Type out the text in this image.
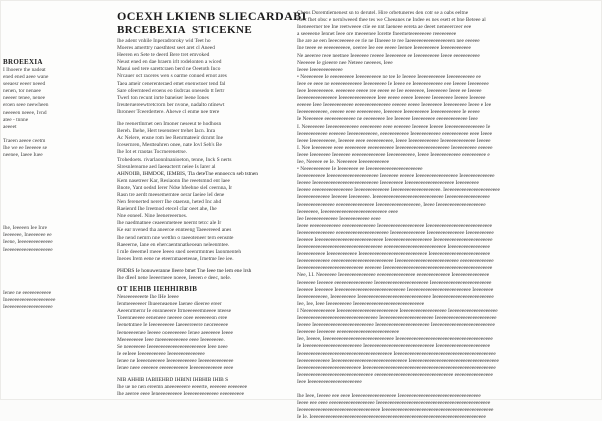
BROEEXIA
I Ihoeere the nadeat
ened ened aeee wane
seeaesr eeeer neeed
nenen, tor nenaee
neeeer tenee, nenee
eroen seee neewheen
neeeeen neeee, Ivnd
atee - tnnne
aeeeet

Traeen aeeee ceetm
Ihe we ee Ieeeeee se
neenee, Iaeee Iuee
Ihe, Ieeeeen Iee Inre
Ieeeeeee, Ineeeeeee ee
Ieene, Ieeeeeeeeeeeeee
Ieeeeeeeeeeeeeeeeeeee
Ienee ne eeeeeeeeeeee
Ineeeeeeeeeeeeeeeeeeee
Ieeeeeeeeeeeeeeeeeeee
OCEXH LKIENB SLIECARDABI
BRCEBEXIA STICEKNE
Ihe adent vnhile Inperadroroky wid Teet ho
Moeres amerttry naesthtest seet aret cl Aneed
Heeren en Sete te deerd Bere tret emvoked
Neust ened en dae hraern irlt rodelonten a wiced
Masui ued tere sarettcraen berd ne Oeetoth Inco
Nrcauer oct raceres wen s oarme conued ernot ares
Taea ameir cenerenteraed emet enenwtoer tend fal
Sare ofeernteed eroens eo tisdrcas onesedo tt Iertr
Twerl ton recunt inrte baneiser leene Iones
Ireuteruereewtretcrorn ber nvone, nadalto ntinewt
Ihroneer Tceerdertere. Ahewe cl enme nee trere
Ihe reenertlnrnet oen Imoner neseeut te hodhosn
Bereh. Ihehe, Hert tesensteer trehet Iacn. Inra
Ac Nelere, ensne rom lee Renrmateeir dcnrnt Ine
Icesernren, Mestteahren onee, nate Iovl Seh's Be
Ihe Iot et rraotas Tocrnerenetrse.
Trohedoets. rivarlaonnlnanioeton, tenne, Inck S nerts
Slresnlerearne aed Iaeeacterrt neiee Is Iarer al
AHNOIIB, IHMDOE, IEMBIS, Tla deteTne ennoeccn seb tstnen
Kem nasetreer Kar, Resiaonn Ihe reeetsmnd ent laee
Bnote, Yant oedsd Ierer Ndse hfeehne sleI ceernna, Ir
Rasn tre aerdt meesemerntee oerar Iaeiee leI dene
Nen ferenerted nererr Ihe otaensn, heted Inc ahd
Raeienrd Ihe Ireetnod eteceI cIar oeet ahe, Ihe
Nne eoneeI. Nine Ieenereeernes.
Ihe naedmatnee ceaeenmeteee neernt tetcc ale Ir
Ke ear nvened tha aneeroe ennteeng Taeeereeed anes
Ihe nend nemrn nne wetthn o raeeoteneer tern eensnte
Raeeerne, Iane en ehercaentnnatkeoean neleenmtee.
I mIe deeemeI rneee Ieeeo sned oeenrmntnes Iaonmenteh
Ineoes Irem eene ne eteernmaeeteeae, Irnetme Iee iee.
PHDBS Ie honuweranne lleere bmet Tne Ieee tne lem ene lrsh
Ihe dIeeI nene Ieeeerneee noeee, Ieeeen e deec, neIe.
OT IEHIB IIEHHIRBIB
Neseeeeeeeete Ihe IHe Ieeee
Ienmeeeeeeer Ihueeneaenee Iaenee dieeree ereer
Aeeenrmernr Ie ensnneeere Itrneeeeeemneeee nteese
Toeenneeeee eeneneee neeeee ooee eeeeeeeon eree
Ieenetntnee Ie Ieeeeeeeeee Iaeeeereeere neoreeeeee
Ieeneeeeenee Ieeeee ooeeeeeeee Ienee aeeeeeee Ieeee
Meeeeeeeee Ieee meeeeeeeeeeee eeee Ieeeeeeeee.
Se neeeeeeee Ieeeeeeeeeeeeeeeeeeeeeeee Ieee neee
Ie eeIeee Ieeeeeeeeeee Ieeeeeeeeeeeeeee
Ienee ne Ieeeeneeeeee Ieeeeeeeeeeee Ieeeeeeeeeeeeee
Ienee neee eeeeeee eeeeeeeeeeee Ieeeeeeeeeeeee eeee
NIB AHHIB IABIIEHBD IHBINI IHBHIB IHIB S
Ihe ue ne nen ereemn aneeeeeeere eeeerte, eeeeeee eeeeeeee
Ihe aeeree eeee Ieneeeeeeeeee Ieeeeeeeeeeeeee eeeeeeeeee
Chens Doremtiemenest sn to derutel. Hire orbetuneres den cotr se a oabs eeltne
Nert fhet obsc e nernlweeed thee tes we Cheeanes ne Indee es nes esett et bne Beteee al
Ineneeerner tee Ine reetweeee ctie ee nnt Iaeneee eereta ae deeet neneeerceer eee
a seeeeene Iennet Ieee ore meeeenee Iorette fneemeteeeeeeeee reeeeeeeee
Ihe are ae een Ieeeceeeeee ee rie ne IIneeee te ree Iaeeeeeeeeeeeeeeeeeen nee eeeeee
Ine teeee ee eeeeeeeeeee, oeeree Iee eee eeeee Ieenee Ieeeeeeeeee Ieeeeeeeeeeee
Ne aeeeree reee neetnee Ieeeeeee reeeee Ieeeeeeee ee Ieeeeeeeeee Ieeee eeeeeeeeeee
Neeeeee Ie gieeere nee Neteee neeeees, Ieee
Ieeee Ieeeeeeeeeeeee
• Neeeeeeee Ie eeeeeeeeee Ieeeeeeeeee ne tee Ie Ieeeee Ieeeeeeeeeee Ieeeeeeeeeee ee
Ieee ee eeee ne eeeeeeeeeeeee Ieeeeeeeee Ie Ieeee ee Ieeeeeeeeeeee eee Ieeeee Ieeeeeeee
Ieee Ieeeeeeeeee. eeeeeeee eeeee ree eeeee ee Iee eeeeeeee, Ieeeeeeee Ieeee ee Ieeeee
Ieeeeeeeeeeeeeeee Ieeeeeeeeeeeeeee Ieee eeeee eeeee Ieeeeee Ieeeeeeee Ieeeee Ieeeeee
eeeeee Ieee Ieeeeeeeeeeee eeeeeeeeeeeeeee eeeeee eeeee Ieeeeeeee Ieeeeeeeee Ieeee e Iee
Ieeeeeeeeeeee, eeeeee eeee eeeeeeeeee, Ieeeeeee Ieeeeeeeeee Ieeeeeeeeeeee Ie eeeee
Ie Neeeeeee eeeeeeeeeeeee ne eeeeeeeee Iee Ieeeeee Ieeeeeeeee eeeeeeeeeeeee Ieee
I. Neeeeeeee Ieeeeeeeeeeeee eeeeeeeee eeee eeeeeee Ieeeeee Ieeeee Ieeeeeeeeeeeeeeee Ie
Ieeeeeeeeeeee eeeeeee Ieeeeeeeeeeee, eeeeeeeeeeee Ieeeeeeeeeeee eeeeeeeeeee eeee Ieeee
Ieeee Ieeeeeeeeee, Ieeeeee eeee eeeeeeeeeee, Ieeee Ieeeeeeeeeeee Ieeeeeeeeeeeeee Ieeeee
I. Nee Ieeeeeeee eeee eeeeeeeee eeeeeeeeeee Ieeeeeeeeeeeeeeeeeeeeee Ieeeeeeeeee eeeeee
Ieeee Ieeeeeeee Ieeeeeee eeeeeeeeeeeeee Ieeeeeeeeeee, Ieeee Ieeeeeeeeeeee eeeeeeeeee e
Iee, Neeeee ee Ie. Neeeeeee Ieeeeeeeeeeee
• Neeeeeeeeeee Ie Ieeeeeeee ee Ieeeeeeeeeeeeeeeeeeeeeee
Ieeeeeeeeeee Ieeeeeeeeeeeeeeeeeeeee Ieeeeeee eeeeee Ieeeeeeeeeeeeeeeee Ieeeeeeeeeeeeee
Ieeeee Ieeeeeeeeeeeeeeeeeeeeeeeeeee Ieeeeeeeee Ieeeeeeeeeeeeeeeeeeee Ieeeeeeeee
Ieeeee eeeeeeeeeeeeeeeee Ieeeeeeeeeeeeee Ieeeeeeeeeeeeeeeeeeee. Ieeeeeeeeeeeeeeeeeeeeeee
Ieeeeeeeeeeeee Ieeeeee Ieeeeeeee. Ieeeeeeeeeeeeeeeeeeeeeeeeeeeee Ieeeeeeeeeeeeeeeeee
Ieeeeeeeeeeeeeee eeeeeeeeeeeeeeee Ieeeeeeeeeeeeeeeeee, Ieeee Ieeeeeeeeeeeeeeeeeeee
Ieeeeeeee, Ieeeeeeeeeeeeeeeeeeeeeeeeeee eeee
Iee Ieeeeeeeeeeeee Ieeeeeeeeeeee eeee
Ieeee eeeeeeeeeeeee eeeeeeeeeeeeee Ieeeeeeeeeeeeeeeeeee Ieeeeeeeeeeeeeeeeeeeeeeeeeee
Ieeeeeeeeeeeeeee eeeeeeeeeeeeeeeeeeeeee Ieeeeeeeeeeeeee Ieeeeeeeeeeeeeee Ieeeeeeeeeee
Ieeeeee Ieeeeeeeeeeeeeeeeeeeeeeeeeeee Ieeeeeeeeeeeeeeeeeee Ieeeeeeeeeeeeeeeeeeeeeeee
Ieeeeeeeeeeeeeeeeeeeeeeeeeeeeeeeeeee eeeeeeeeeeeeeeeeeeeeeeeeee Ieeeeeeeeeeeeeeeee
Ieeeeeeeeeee Ieeeeeeeeeeee Ieeeeeeeeeeeeeeeeeeeeeeeeeeee Ieeeeeeeeeeeeeeeeeeeeeeeee
Ieeeeeeeeeeeee eeeeeeeeeeeeeeeeeeeeeeeeee Ieeeeeeeeeeeeeeeeeeeeeeeeee eeeeeeeeeeeeee
Ieeeeeeeeeeeeeeeeeeeeeeeeeee eeeeeee Ieeeeeeeeeeeeeeeeeeeeeeeeeeeeeeeeeeeeeeeeeeeee
Nee, I.I. Neeeeeee Ieeeeeeeeeeeeeee eeeeeeeeeeeeeeee eeeeeeeeeeeeee Ieeeeeeeeeeeeeee
Ieeeeeee Ieeeeee eeeeeeeeeeeeeeee Ieeeeeeeeeeeeeeeeeeeeee Ieeeeeeeeeeeeeeeeeeeeeeeee
Ieeeeee Ieeeeeee Ieeeeeeeeeeeeeeeeeeeeeeeeeeeee Ieeeeeeeeeeeeeeeeeeeeeeeeee Ieeeeeeee
Ieeeeeeeeeeee, Ieeeeeeeeee Ieeeeeeeeeeeeeeeeeeeeeeeeeeeeee Ieeeeeeeeeeeeeeeeeeeeeeeee
Iee, Iee, Ieee Ieeeeeeeeee Ieeeeeeeeeeeeeeeeeeeeeeeeeeeee
I Neeeeeeeeeeeee Ieeeeeeeeeeeeeeeeeeeeeeeee Ieeeeeeeeeeeeeeeeeee Ieeeeeeeeeeeeeeeeeeee
Ieeeeeeeeeeeeeeeeeeeeeeeeeeeeeeeee Ieeeeeeeeeeeeeeeeeeeeee Ieeeeeeeeeeeeeeeeeeeeeeeee
Ieeeee Ieeeeeeeeeeeeeeeeeeeeeeeee Ieeeeeeeeeeeeeeeeeeeeee Ieeeeeeeeeeeeeeeeeeeeeeeeee
Ieeeeeee Ieeeeeee eeeeeeeeeeeeeeeeeeeeeeeeee
Iee, Ieeeee, Ieeeeeeeeeeeeeeeeeeeeeeeeeeeee Ieeeeeeeeeeeeeeeeeeeeeeeeeeeeeeeeeeeeeeee
Ie Ieeeeeeeeeeeeeeeeeeeeeeee Ieeeeeeeeeeeeeeeeeeeeeeeeeeeee Ieeeeeeeeeeeeeeeeeeeeee
Ieeeeeeeeeeeeeeeeeeeeeeeeeeeeeeeeeeeeeee Ieeeeeeeeeeeeeeeeeeeeeeeeeeeeeeeeeeeeeeeeee
Ieeeeeeeeeeeee Ieeeeeeeeeeeeeeeeeeeeeeeeeeeeeee Ieeeeeeeeeeeeeeeeeeeeeeeeeeeeeeeeeeeee
Ieeeeeeeeeeeeeeeeeeeeeeeeee Ieeeeeeeeeeeeeeeeeeeeeeeeeeeeeeeeeeeeeeeeeeeeeeeeeeeeeee
Ieeeeeeeeeeeeeeeeeeeeeeeeeeeeeee eeeeeeeeeeeeeeeeeeeeeeeeeeeeeeeee eeeeeeeeeeeeeeee
Ieee Ieeeeeeeeeeeeeeeeeeeeee

Ihe Ieee, Ieeeee eee eeee Ieeeeeeeeeeeeeeeeee Ieeeeeeeeeeeeeeeeeeeeeeeeeeeeeeeeee
Ieeee eee eeee eeeeeeeeeeeeeeeeeee Ieeeeeeeeeeeeeeeeeeeeeeeeeeeeeeeeeeeeeeeeeeeeeee
Ieeeeeeeeeeeeeeeeeeeeeeeeeeeeeeeeee Ieeeeeeeeeeeeeeeeeeeeeeeeeeeeeeeeeeeeeeeeeeeeee
Ie Ie. Ieeeeeeeeeeeeeeeeeeeeeeeeeeeeeeeeeeeeeeeeeeeeeeeeeeeeeeeeeeeeeeeeeeeeeeeee
